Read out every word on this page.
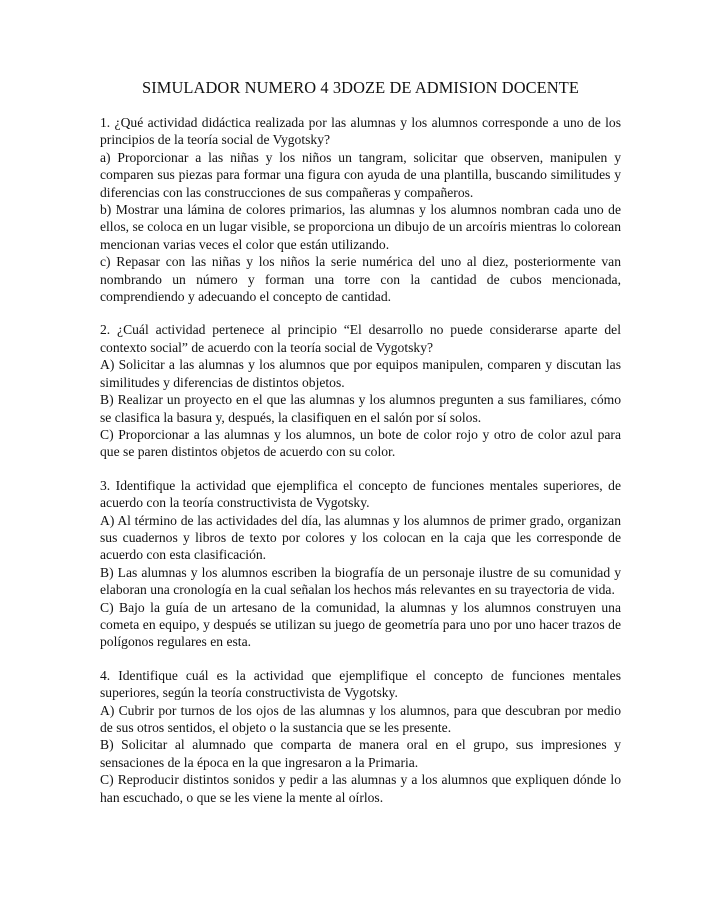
SIMULADOR NUMERO 4 3DOZE DE ADMISION DOCENTE

1. ¿Qué actividad didáctica realizada por las alumnas y los alumnos corresponde a uno de los principios de la teoría social de Vygotsky?

a) Proporcionar a las niñas y los niños un tangram, solicitar que observen, manipulen y comparen sus piezas para formar una figura con ayuda de una plantilla, buscando similitudes y diferencias con las construcciones de sus compañeras y compañeros.

b) Mostrar una lámina de colores primarios, las alumnas y los alumnos nombran cada uno de ellos, se coloca en un lugar visible, se proporciona un dibujo de un arcoíris mientras lo colorean mencionan varias veces el color que están utilizando.

c) Repasar con las niñas y los niños la serie numérica del uno al diez, posteriormente van nombrando un número y forman una torre con la cantidad de cubos mencionada, comprendiendo y adecuando el concepto de cantidad.

2. ¿Cuál actividad pertenece al principio “El desarrollo no puede considerarse aparte del contexto social” de acuerdo con la teoría social de Vygotsky?

A) Solicitar a las alumnas y los alumnos que por equipos manipulen, comparen y discutan las similitudes y diferencias de distintos objetos.

B) Realizar un proyecto en el que las alumnas y los alumnos pregunten a sus familiares, cómo se clasifica la basura y, después, la clasifiquen en el salón por sí solos.

C) Proporcionar a las alumnas y los alumnos, un bote de color rojo y otro de color azul para que se paren distintos objetos de acuerdo con su color.

3. Identifique la actividad que ejemplifica el concepto de funciones mentales superiores, de acuerdo con la teoría constructivista de Vygotsky.

A) Al término de las actividades del día, las alumnas y los alumnos de primer grado, organizan sus cuadernos y libros de texto por colores y los colocan en la caja que les corresponde de acuerdo con esta clasificación.

B) Las alumnas y los alumnos escriben la biografía de un personaje ilustre de su comunidad y elaboran una cronología en la cual señalan los hechos más relevantes en su trayectoria de vida.

C) Bajo la guía de un artesano de la comunidad, la alumnas y los alumnos construyen una cometa en equipo, y después se utilizan su juego de geometría para uno por uno hacer trazos de polígonos regulares en esta.

4. Identifique cuál es la actividad que ejemplifique el concepto de funciones mentales superiores, según la teoría constructivista de Vygotsky.

A) Cubrir por turnos de los ojos de las alumnas y los alumnos, para que descubran por medio de sus otros sentidos, el objeto o la sustancia que se les presente.

B) Solicitar al alumnado que comparta de manera oral en el grupo, sus impresiones y sensaciones de la época en la que ingresaron a la Primaria.

C) Reproducir distintos sonidos y pedir a las alumnas y a los alumnos que expliquen dónde lo han escuchado, o que se les viene la mente al oírlos.
